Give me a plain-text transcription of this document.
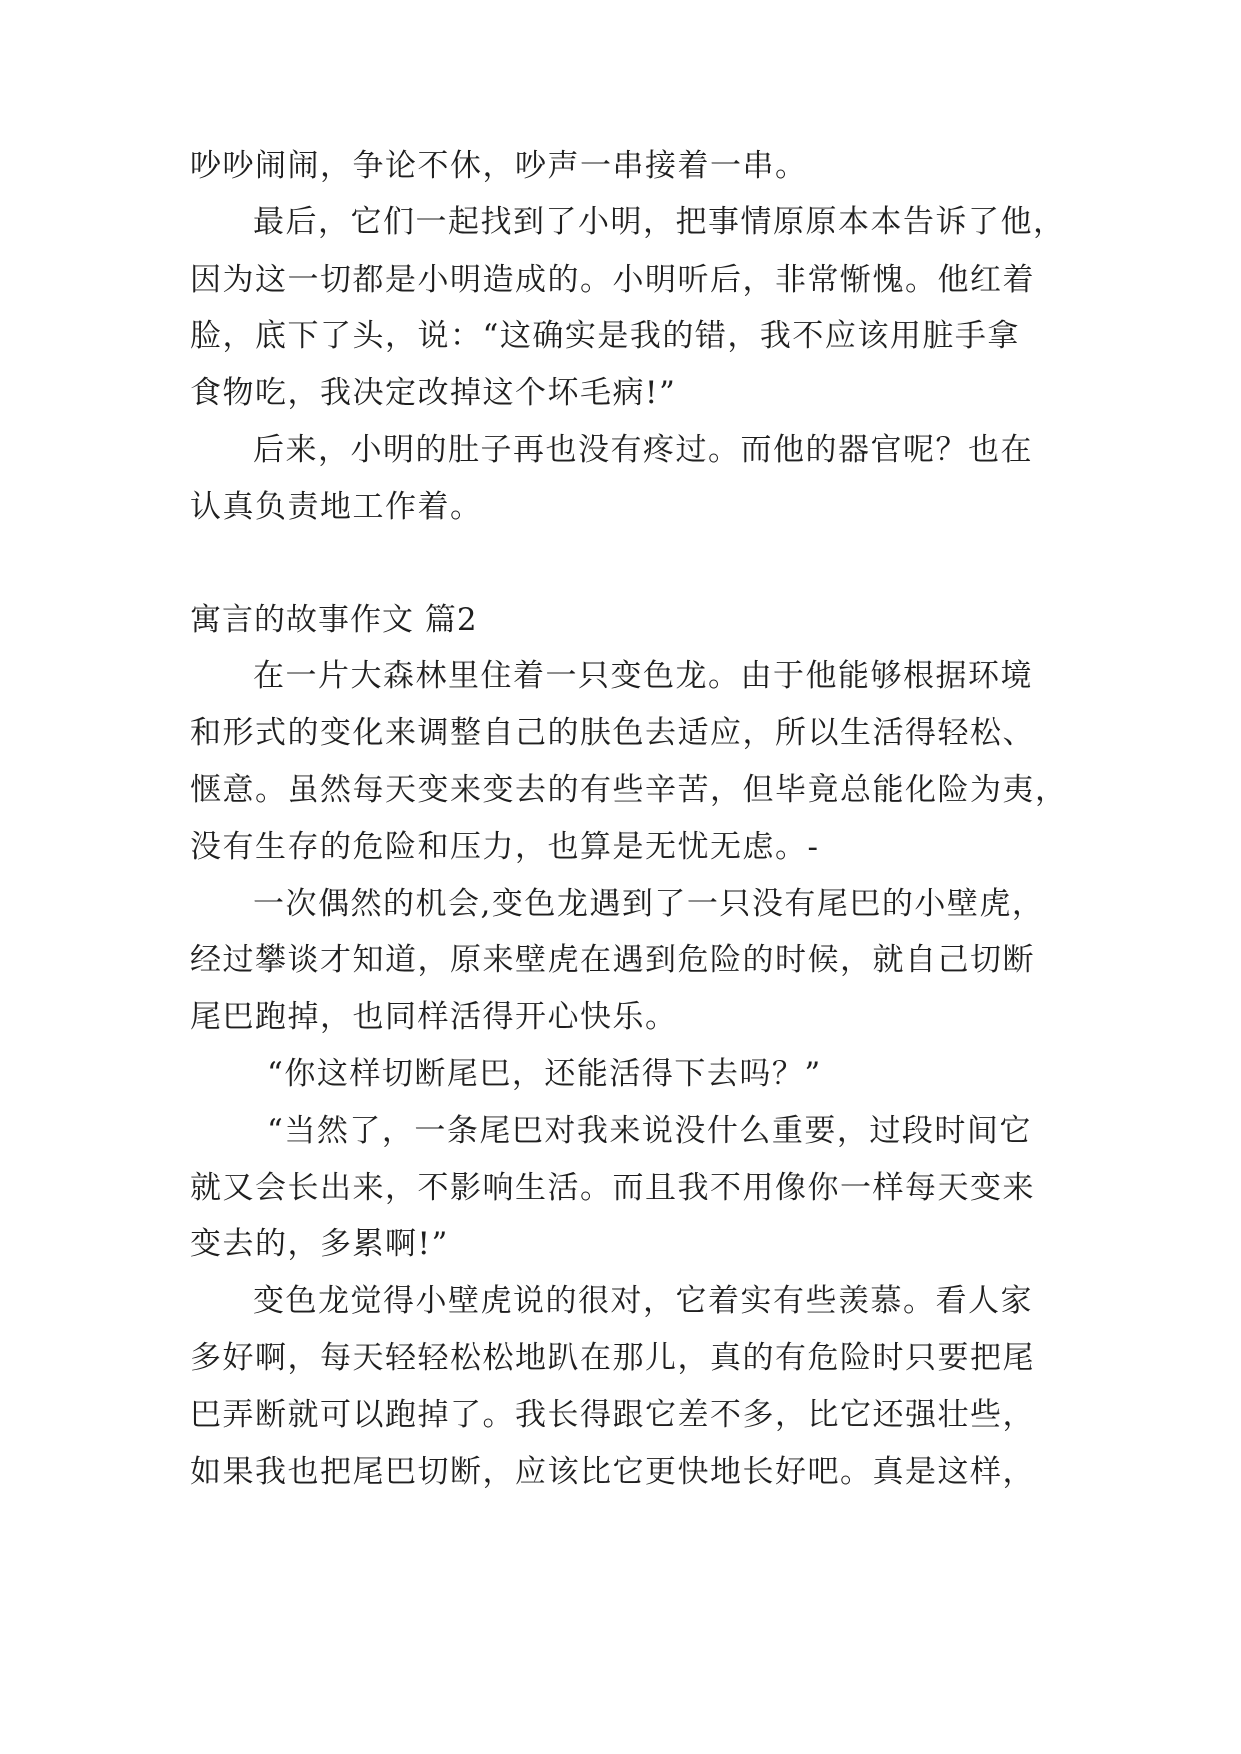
吵吵闹闹，争论不休，吵声一串接着一串。
最后，它们一起找到了小明，把事情原原本本告诉了他，
因为这一切都是小明造成的。小明听后，非常惭愧。他红着
脸，底下了头，说：“这确实是我的错，我不应该用脏手拿
食物吃，我决定改掉这个坏毛病!”
后来，小明的肚子再也没有疼过。而他的器官呢？也在
认真负责地工作着。
寓言的故事作文 篇2
在一片大森林里住着一只变色龙。由于他能够根据环境
和形式的变化来调整自己的肤色去适应，所以生活得轻松、
惬意。虽然每天变来变去的有些辛苦，但毕竟总能化险为夷，
没有生存的危险和压力，也算是无忧无虑。-
一次偶然的机会,变色龙遇到了一只没有尾巴的小壁虎，
经过攀谈才知道，原来壁虎在遇到危险的时候，就自己切断
尾巴跑掉，也同样活得开心快乐。
“你这样切断尾巴，还能活得下去吗？”
“当然了，一条尾巴对我来说没什么重要，过段时间它
就又会长出来，不影响生活。而且我不用像你一样每天变来
变去的，多累啊!”
变色龙觉得小壁虎说的很对，它着实有些羡慕。看人家
多好啊，每天轻轻松松地趴在那儿，真的有危险时只要把尾
巴弄断就可以跑掉了。我长得跟它差不多，比它还强壮些，
如果我也把尾巴切断，应该比它更快地长好吧。真是这样，
